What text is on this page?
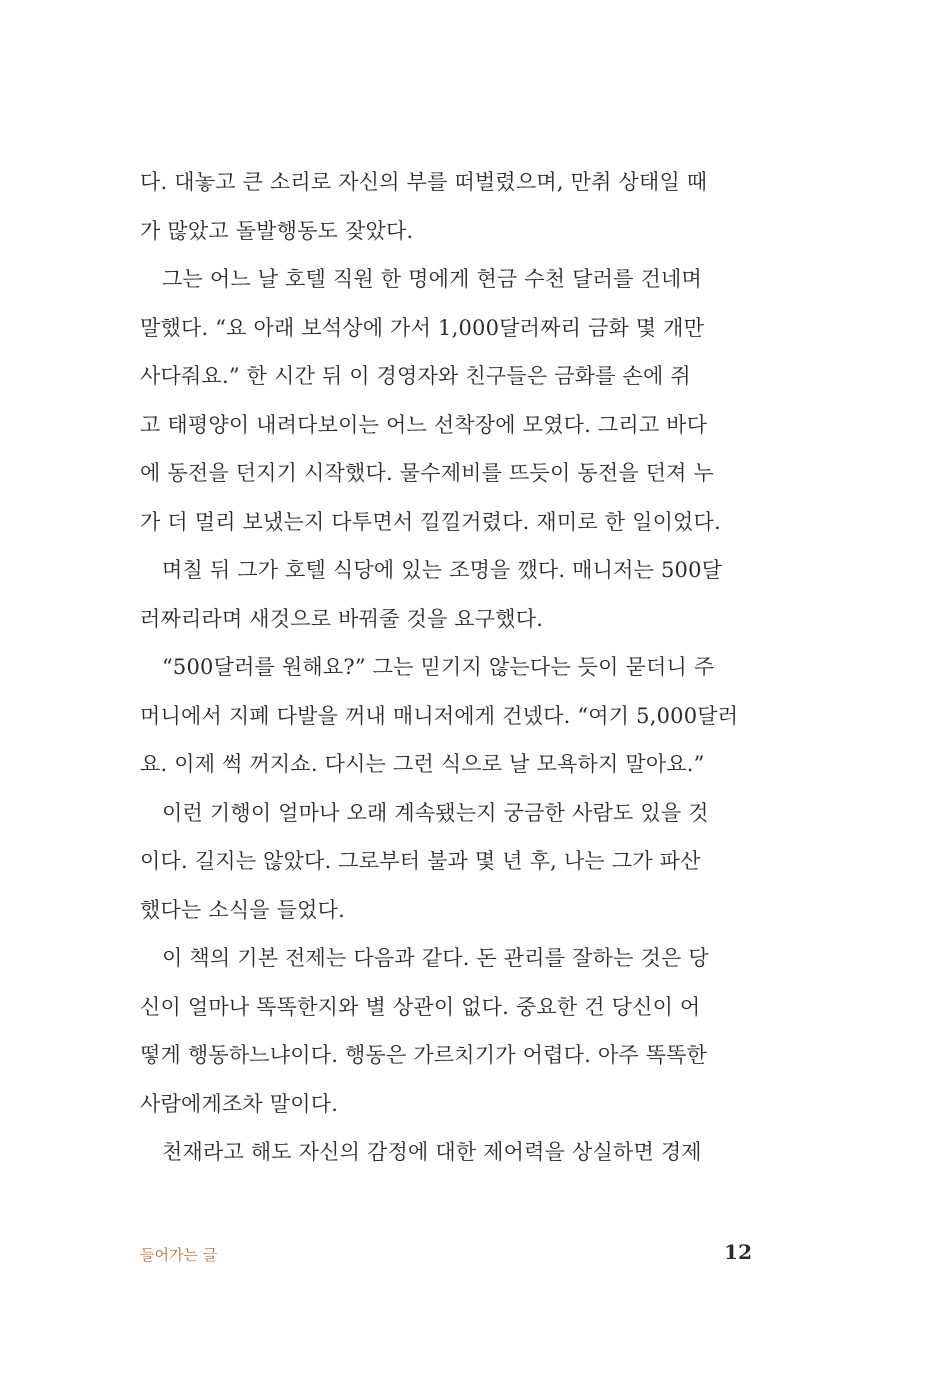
다. 대놓고 큰 소리로 자신의 부를 떠벌렸으며, 만취 상태일 때
가 많았고 돌발행동도 잦았다.
그는 어느 날 호텔 직원 한 명에게 현금 수천 달러를 건네며
말했다. “요 아래 보석상에 가서 1,000달러짜리 금화 몇 개만
사다줘요.” 한 시간 뒤 이 경영자와 친구들은 금화를 손에 쥐
고 태평양이 내려다보이는 어느 선착장에 모였다. 그리고 바다
에 동전을 던지기 시작했다. 물수제비를 뜨듯이 동전을 던져 누
가 더 멀리 보냈는지 다투면서 낄낄거렸다. 재미로 한 일이었다.
며칠 뒤 그가 호텔 식당에 있는 조명을 깼다. 매니저는 500달
러짜리라며 새것으로 바꿔줄 것을 요구했다.
“500달러를 원해요?” 그는 믿기지 않는다는 듯이 묻더니 주
머니에서 지폐 다발을 꺼내 매니저에게 건넸다. “여기 5,000달러
요. 이제 썩 꺼지쇼. 다시는 그런 식으로 날 모욕하지 말아요.”
이런 기행이 얼마나 오래 계속됐는지 궁금한 사람도 있을 것
이다. 길지는 않았다. 그로부터 불과 몇 년 후, 나는 그가 파산
했다는 소식을 들었다.
이 책의 기본 전제는 다음과 같다. 돈 관리를 잘하는 것은 당
신이 얼마나 똑똑한지와 별 상관이 없다. 중요한 건 당신이 어
떻게 행동하느냐이다. 행동은 가르치기가 어렵다. 아주 똑똑한
사람에게조차 말이다.
천재라고 해도 자신의 감정에 대한 제어력을 상실하면 경제
들어가는 글	12
